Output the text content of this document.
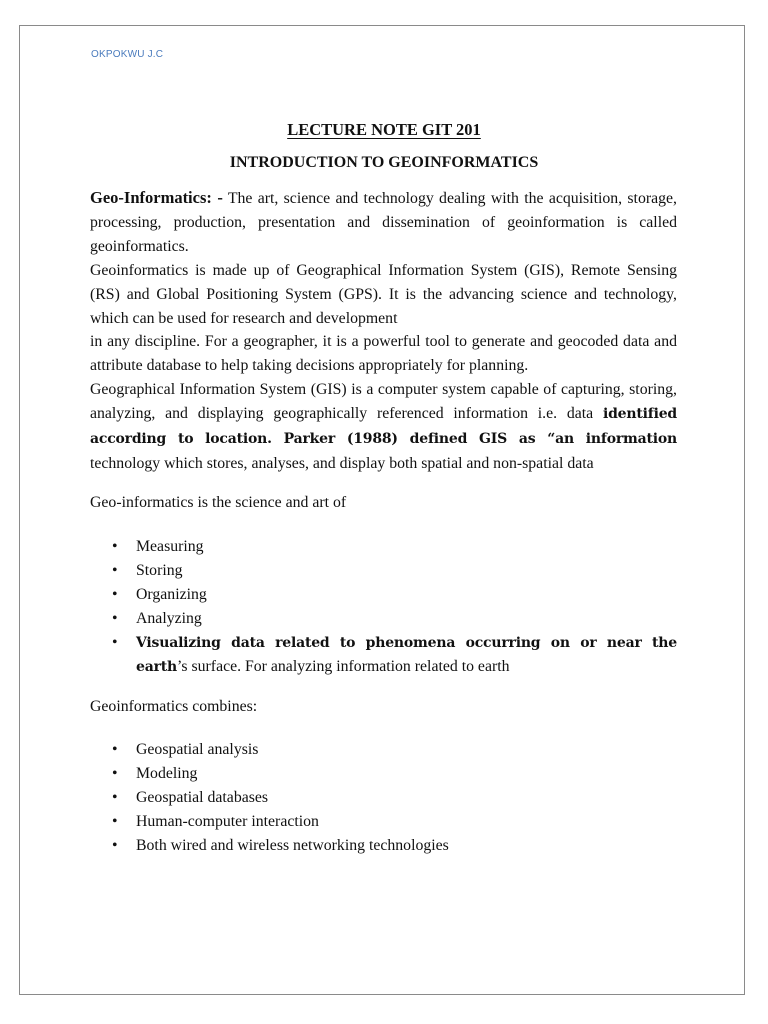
OKPOKWU J.C
LECTURE NOTE GIT 201
INTRODUCTION TO GEOINFORMATICS

Geo-Informatics: - The art, science and technology dealing with the acquisition, storage, processing, production, presentation and dissemination of geoinformation is called geoinformatics.

Geoinformatics is made up of Geographical Information System (GIS), Remote Sensing (RS) and Global Positioning System (GPS). It is the advancing science and technology, which can be used for research and development

in any discipline. For a geographer, it is a powerful tool to generate and geocoded data and attribute database to help taking decisions appropriately for planning.

Geographical Information System (GIS) is a computer system capable of capturing, storing, analyzing, and displaying geographically referenced information i.e. data identified according to location. Parker (1988) defined GIS as “an information technology which stores, analyses, and display both spatial and non-spatial data

Geo-informatics is the science and art of

• Measuring
• Storing
• Organizing
• Analyzing
• Visualizing data related to phenomena occurring on or near the earth’s surface. For analyzing information related to earth

Geoinformatics combines:

• Geospatial analysis
• Modeling
• Geospatial databases
• Human-computer interaction
• Both wired and wireless networking technologies
